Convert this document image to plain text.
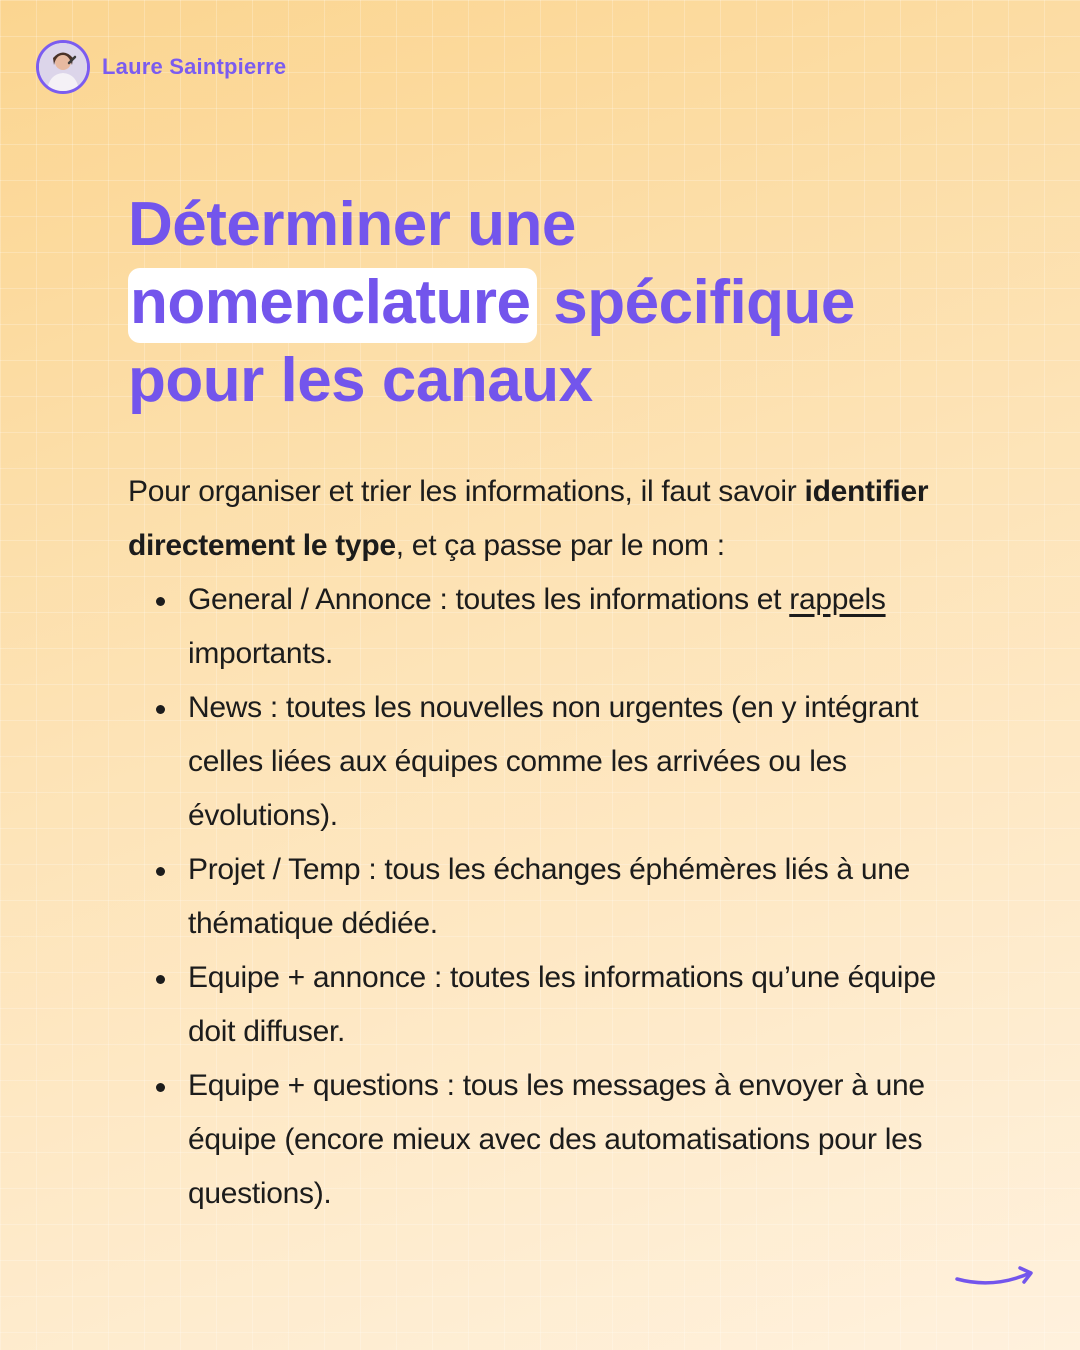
Laure Saintpierre
Déterminer une
nomenclature spécifique
pour les canaux

Pour organiser et trier les informations, il faut savoir identifier directement le type, et ça passe par le nom :

General / Annonce : toutes les informations et rappels importants.
News : toutes les nouvelles non urgentes (en y intégrant celles liées aux équipes comme les arrivées ou les évolutions).
Projet / Temp : tous les échanges éphémères liés à une thématique dédiée.
Equipe + annonce : toutes les informations qu’une équipe doit diffuser.
Equipe + questions : tous les messages à envoyer à une équipe (encore mieux avec des automatisations pour les questions).
